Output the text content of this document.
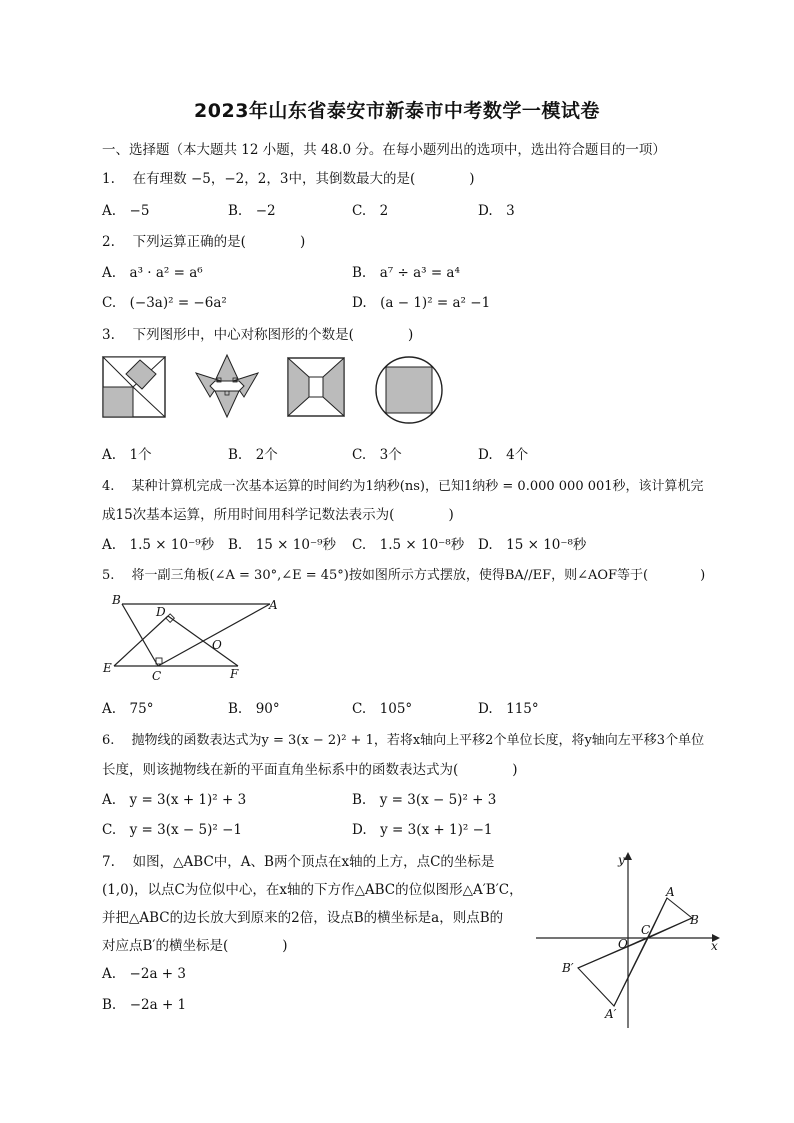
2023年山东省泰安市新泰市中考数学一模试卷
一、选择题（本大题共 12 小题，共 48.0 分。在每小题列出的选项中，选出符合题目的一项）
1.　 在有理数 −5，−2，2，3中，其倒数最大的是(　　　　)
A.　−5	B.　−2	C.　2	D.　3
2.　 下列运算正确的是(　　　　)
A.　a³ · a² = a⁶	B.　a⁷ ÷ a³ = a⁴
C.　(−3a)² = −6a²	D.　(a − 1)² = a² −1
3.　 下列图形中，中心对称图形的个数是(　　　　)
A.　1个	B.　2个	C.　3个	D.　4个
4.　 某种计算机完成一次基本运算的时间约为1纳秒(ns)，已知1纳秒 = 0.000 000 001秒，该计算机完
成15次基本运算，所用时间用科学记数法表示为(　　　　)
A.　1.5 × 10⁻⁹秒 B.　15 × 10⁻⁹秒 C.　1.5 × 10⁻⁸秒 D.　15 × 10⁻⁸秒
5.　 将一副三角板(∠A = 30°,∠E = 45°)按如图所示方式摆放，使得BA//EF，则∠AOF等于(　　　　)
B	A
D
O
E
C	F
A.　75°	B.　90°	C.　105°	D.　115°
6.　 抛物线的函数表达式为y = 3(x − 2)² + 1，若将x轴向上平移2个单位长度，将y轴向左平移3个单位
长度，则该抛物线在新的平面直角坐标系中的函数表达式为(　　　　)
A.　y = 3(x + 1)² + 3	B.　y = 3(x − 5)² + 3
C.　y = 3(x − 5)² −1	D.　y = 3(x + 1)² −1
7.　 如图，△ABC中，A、B两个顶点在x轴的上方，点C的坐标是
(1,0)，以点C为位似中心，在x轴的下方作△ABC的位似图形△A′B′C，
并把△ABC的边长放大到原来的2倍，设点B的横坐标是a，则点B的
对应点B′的横坐标是(　　　　)
A.　−2a + 3
B.　−2a + 1
y
x
A
B
C
O
B′
A′
